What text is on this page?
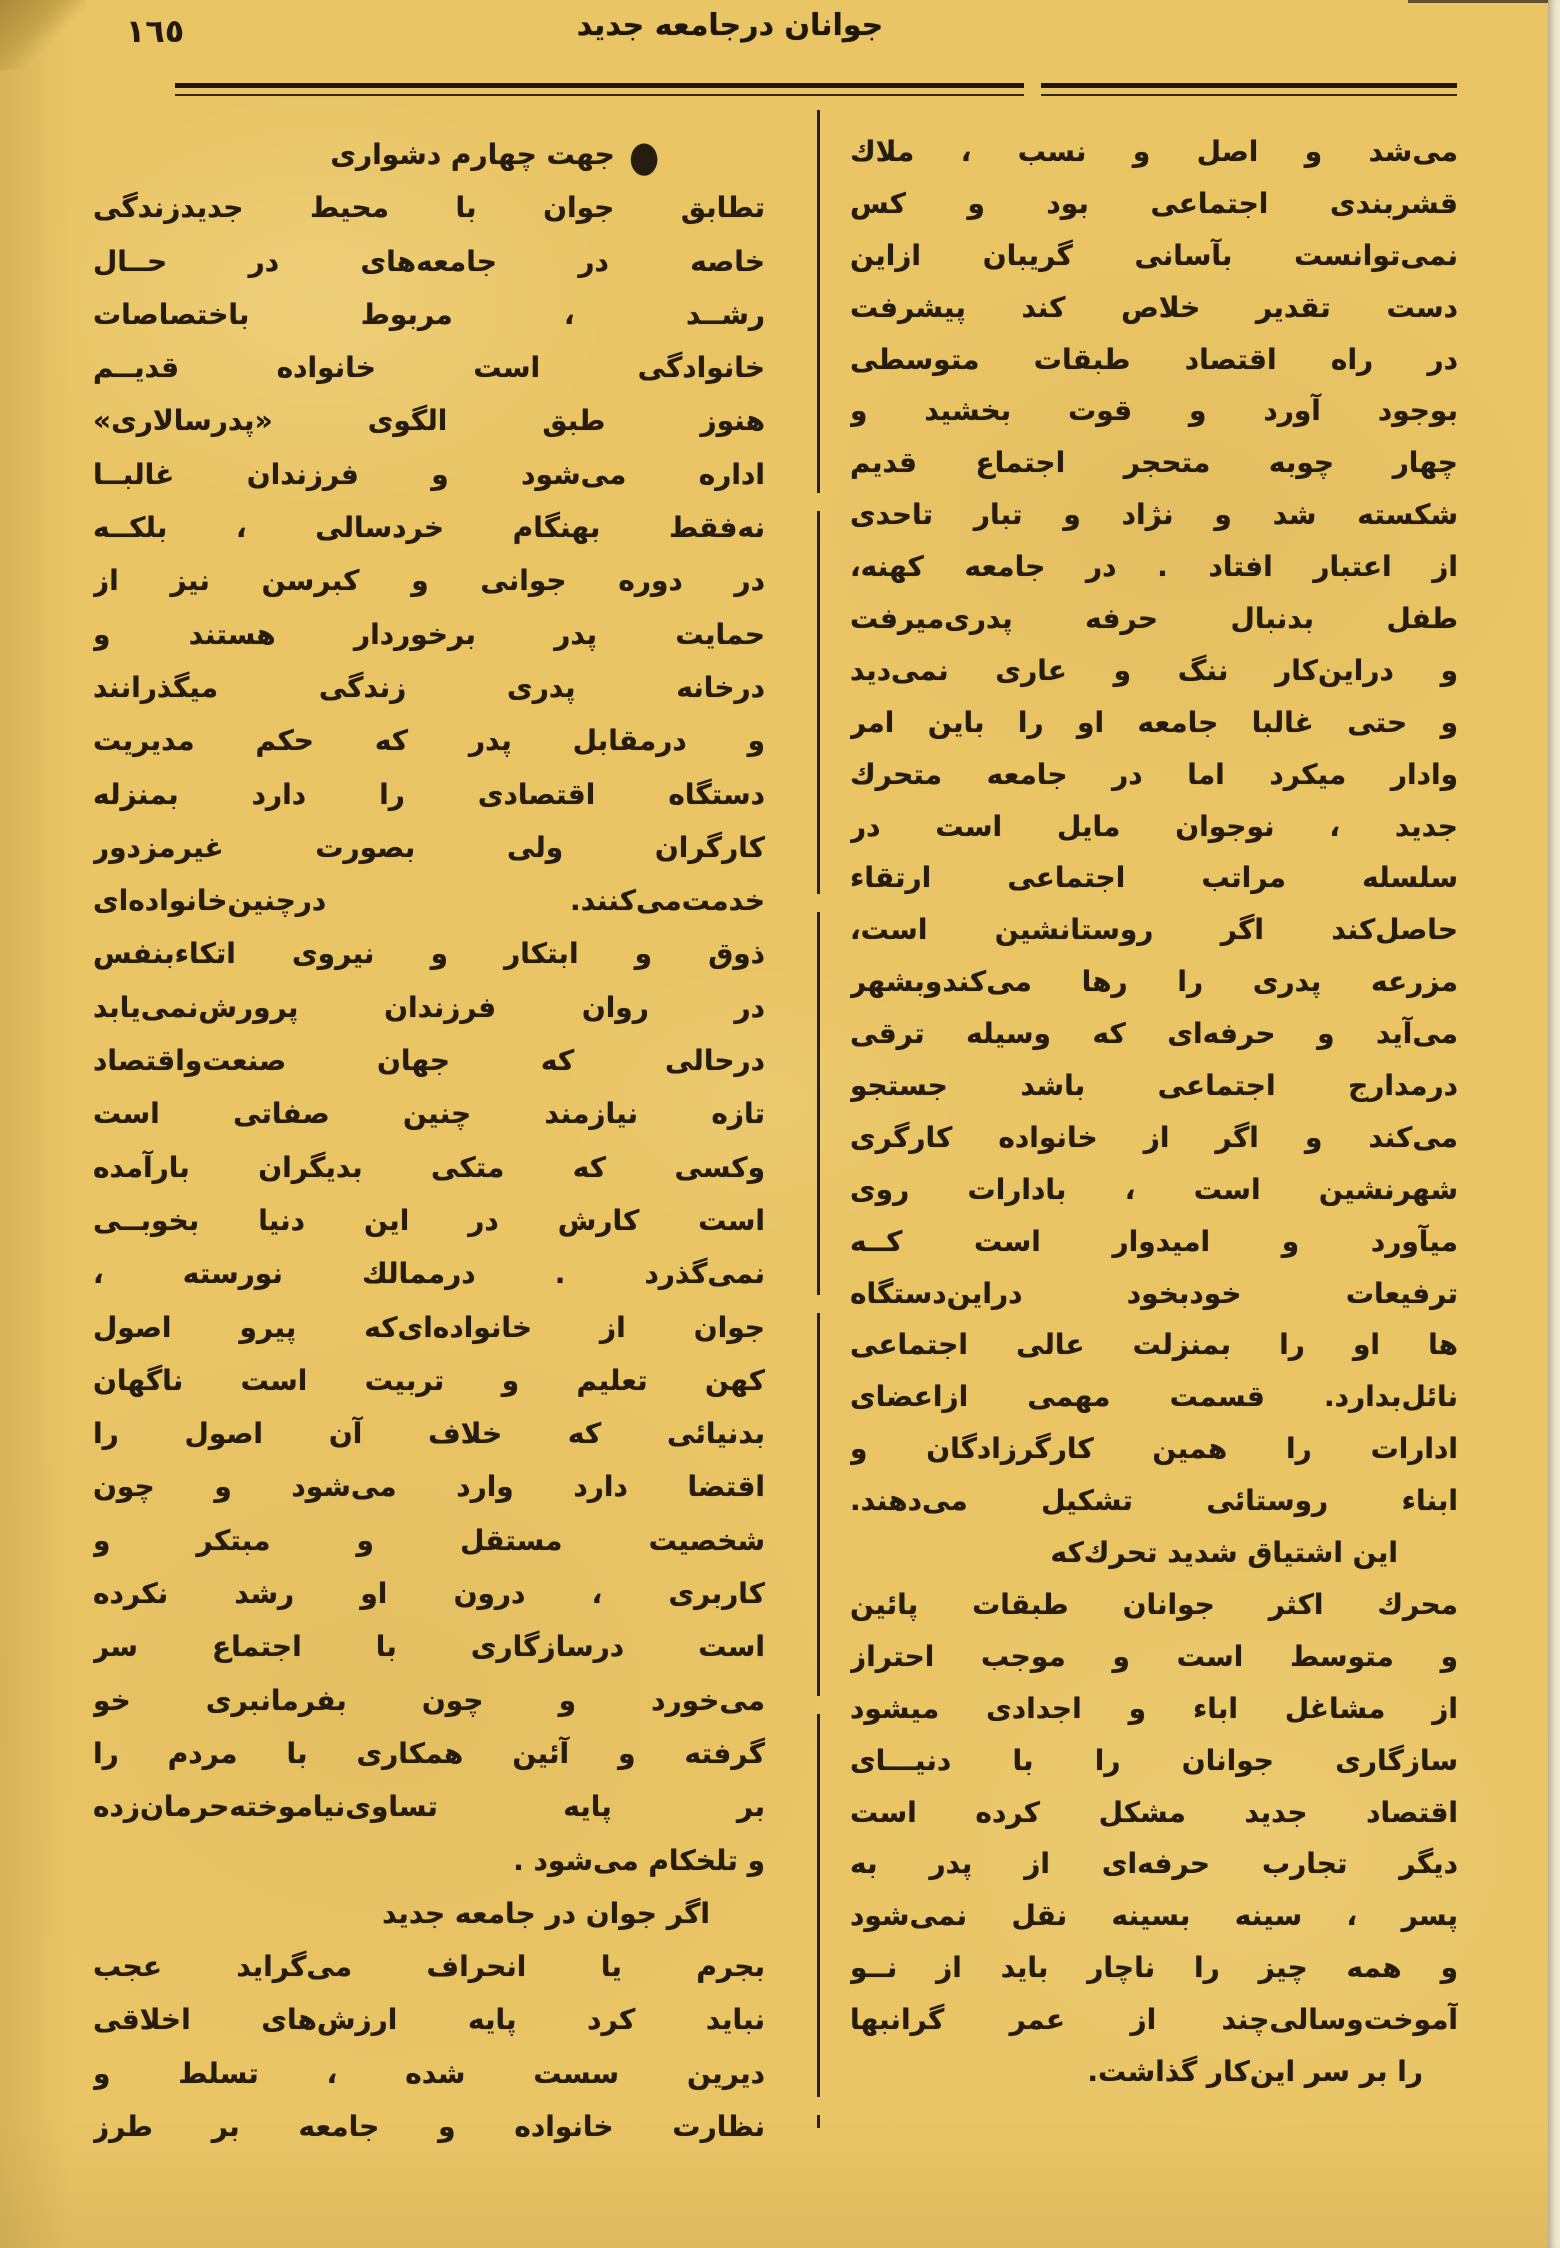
١٦٥	جوانان درجامعه جدید
می‌شد و اصل و نسب ، ملاك
قشربندی اجتماعی بود و کس
نمی‌توانست بآسانی گریبان ازاین
دست تقدیر خلاص کند پیشرفت
در راه اقتصاد طبقات متوسطی
بوجود آورد و قوت بخشید و
چهار چوبه متحجر اجتماع قدیم
شکسته شد و نژاد و تبار تاحدی
از اعتبار افتاد . در جامعه کهنه،
طفل بدنبال حرفه پدری‌میرفت
و دراین‌کار ننگ و عاری نمی‌دید
و حتی غالبا جامعه او را باین امر
وادار میکرد اما در جامعه متحرك
جدید ، نوجوان مایل است در
سلسله مراتب اجتماعی ارتقاء
حاصل‌کند اگر روستانشین است،
مزرعه پدری را رها می‌کندوبشهر
می‌آید و حرفه‌ای که وسیله ترقی
درمدارج اجتماعی باشد جستجو
می‌کند و اگر از خانواده کارگری
شهرنشین است ، بادارات روی
میآورد و امیدوار است کــه
ترفیعات خودبخود دراین‌دستگاه
ها او را بمنزلت عالی اجتماعی
نائل‌بدارد. قسمت مهمی ازاعضای
ادارات را همین کارگرزادگان و
ابناء روستائی تشکیل می‌دهند.
این اشتیاق شدید تحرك‌که
محرك اکثر جوانان طبقات پائین
و متوسط است و موجب احتراز
از مشاغل اباء و اجدادی میشود
سازگاری جوانان را با دنیـــای
اقتصاد جدید مشکل کرده است
دیگر تجارب حرفه‌ای از پدر به
پسر ، سینه بسینه نقل نمی‌شود
و همه چیز را ناچار باید از نــو
آموخت‌وسالی‌چند از عمر گرانبها
را بر سر این‌کار گذاشت.
●جهت چهارم دشواری
تطابق جوان با محیط جدیدزندگی
خاصه در جامعه‌های در حــال
رشــد ، مربوط باختصاصات
خانوادگی است خانواده قدیــم
هنوز طبق الگوی «پدرسالاری»
اداره می‌شود و فرزندان غالبــا
نه‌فقط بهنگام خردسالی ، بلکــه
در دوره جوانی و کبرسن نیز از
حمایت پدر برخوردار هستند و
درخانه پدری زندگی میگذرانند
و درمقابل پدر که حکم مدیریت
دستگاه اقتصادی را دارد بمنزله
کارگران ولی بصورت غیرمزدور
خدمت‌می‌کنند. درچنین‌خانواده‌ای
ذوق و ابتکار و نیروی اتکاءبنفس
در روان فرزندان پرورش‌نمی‌یابد
درحالی که جهان صنعت‌واقتصاد
تازه نیازمند چنین صفاتی است
وکسی که متکی بدیگران بارآمده
است کارش در این دنیا بخوبــی
نمی‌گذرد . درممالك نورسته ،
جوان از خانواده‌ای‌که پیرو اصول
کهن تعلیم و تربیت است ناگهان
بدنیائی که خلاف آن اصول را
اقتضا دارد وارد می‌شود و چون
شخصیت مستقل و مبتکر و
کاربری ، درون او رشد نکرده
است درسازگاری با اجتماع سر
می‌خورد و چون بفرمانبری خو
گرفته و آئین همکاری با مردم را
بر پایه تساوی‌نیاموخته‌حرمان‌زده
و تلخکام می‌شود .
اگر جوان در جامعه جدید
بجرم یا انحراف می‌گراید عجب
نباید کرد پایه ارزش‌های اخلاقی
دیرین سست شده ، تسلط و
نظارت خانواده و جامعه بر طرز
